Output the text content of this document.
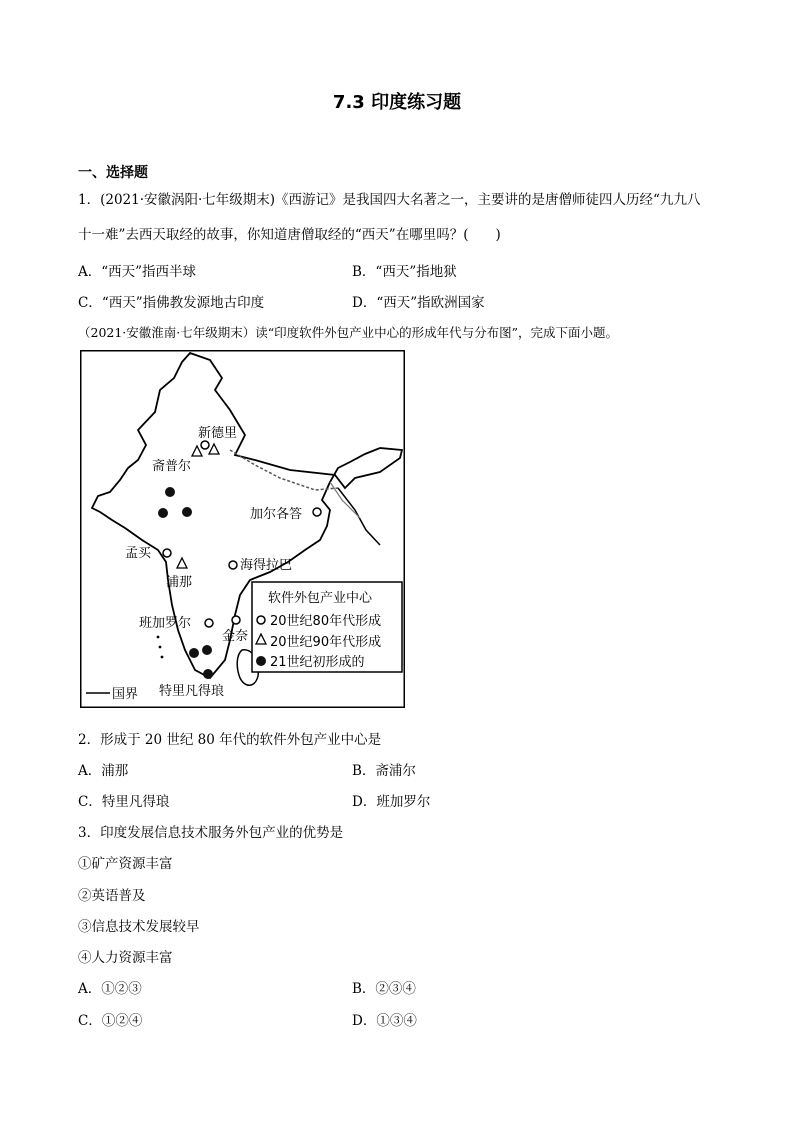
7.3 印度练习题
一、选择题
1．(2021·安徽涡阳·七年级期末)《西游记》是我国四大名著之一，主要讲的是唐僧师徒四人历经“九九八
十一难”去西天取经的故事，你知道唐僧取经的“西天”在哪里吗？(　　)
A．“西天”指西半球	B．“西天”指地狱
C．“西天”指佛教发源地古印度	D．“西天”指欧洲国家
（2021·安徽淮南·七年级期末）读“印度软件外包产业中心的形成年代与分布图”，完成下面小题。
新德里
斋普尔
加尔各答
孟买
浦那
海得拉巴
班加罗尔
金奈
特里凡得琅
国界
软件外包产业中心
20世纪80年代形成
20世纪90年代形成
21世纪初形成的
2．形成于 20 世纪 80 年代的软件外包产业中心是
A．浦那	B．斋浦尔
C．特里凡得琅	D．班加罗尔
3．印度发展信息技术服务外包产业的优势是
①矿产资源丰富
②英语普及
③信息技术发展较早
④人力资源丰富
A．①②③	B．②③④
C．①②④	D．①③④
